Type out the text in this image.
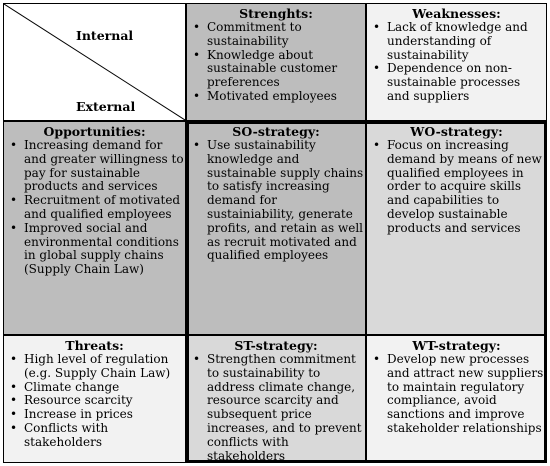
Internal
External
Strenghts:
• Commitment to sustainability
• Knowledge about sustainable customer preferences
• Motivated employees
Weaknesses:
• Lack of knowledge and understanding of sustainability
• Dependence on non-sustainable processes and suppliers
Opportunities:
• Increasing demand for and greater willingness to pay for sustainable products and services
• Recruitment of motivated and qualified employees
• Improved social and environmental conditions in global supply chains (Supply Chain Law)
SO-strategy:
• Use sustainability knowledge and sustainable supply chains to satisfy increasing demand for sustainiability, generate profits, and retain as well as recruit motivated and qualified employees
WO-strategy:
• Focus on increasing demand by means of new qualified employees in order to acquire skills and capabilities to develop sustainable products and services
Threats:
• High level of regulation (e.g. Supply Chain Law)
• Climate change
• Resource scarcity
• Increase in prices
• Conflicts with stakeholders
ST-strategy:
• Strengthen commitment to sustainability to address climate change, resource scarcity and subsequent price increases, and to prevent conflicts with stakeholders
WT-strategy:
• Develop new processes and attract new suppliers to maintain regulatory compliance, avoid sanctions and improve stakeholder relationships
